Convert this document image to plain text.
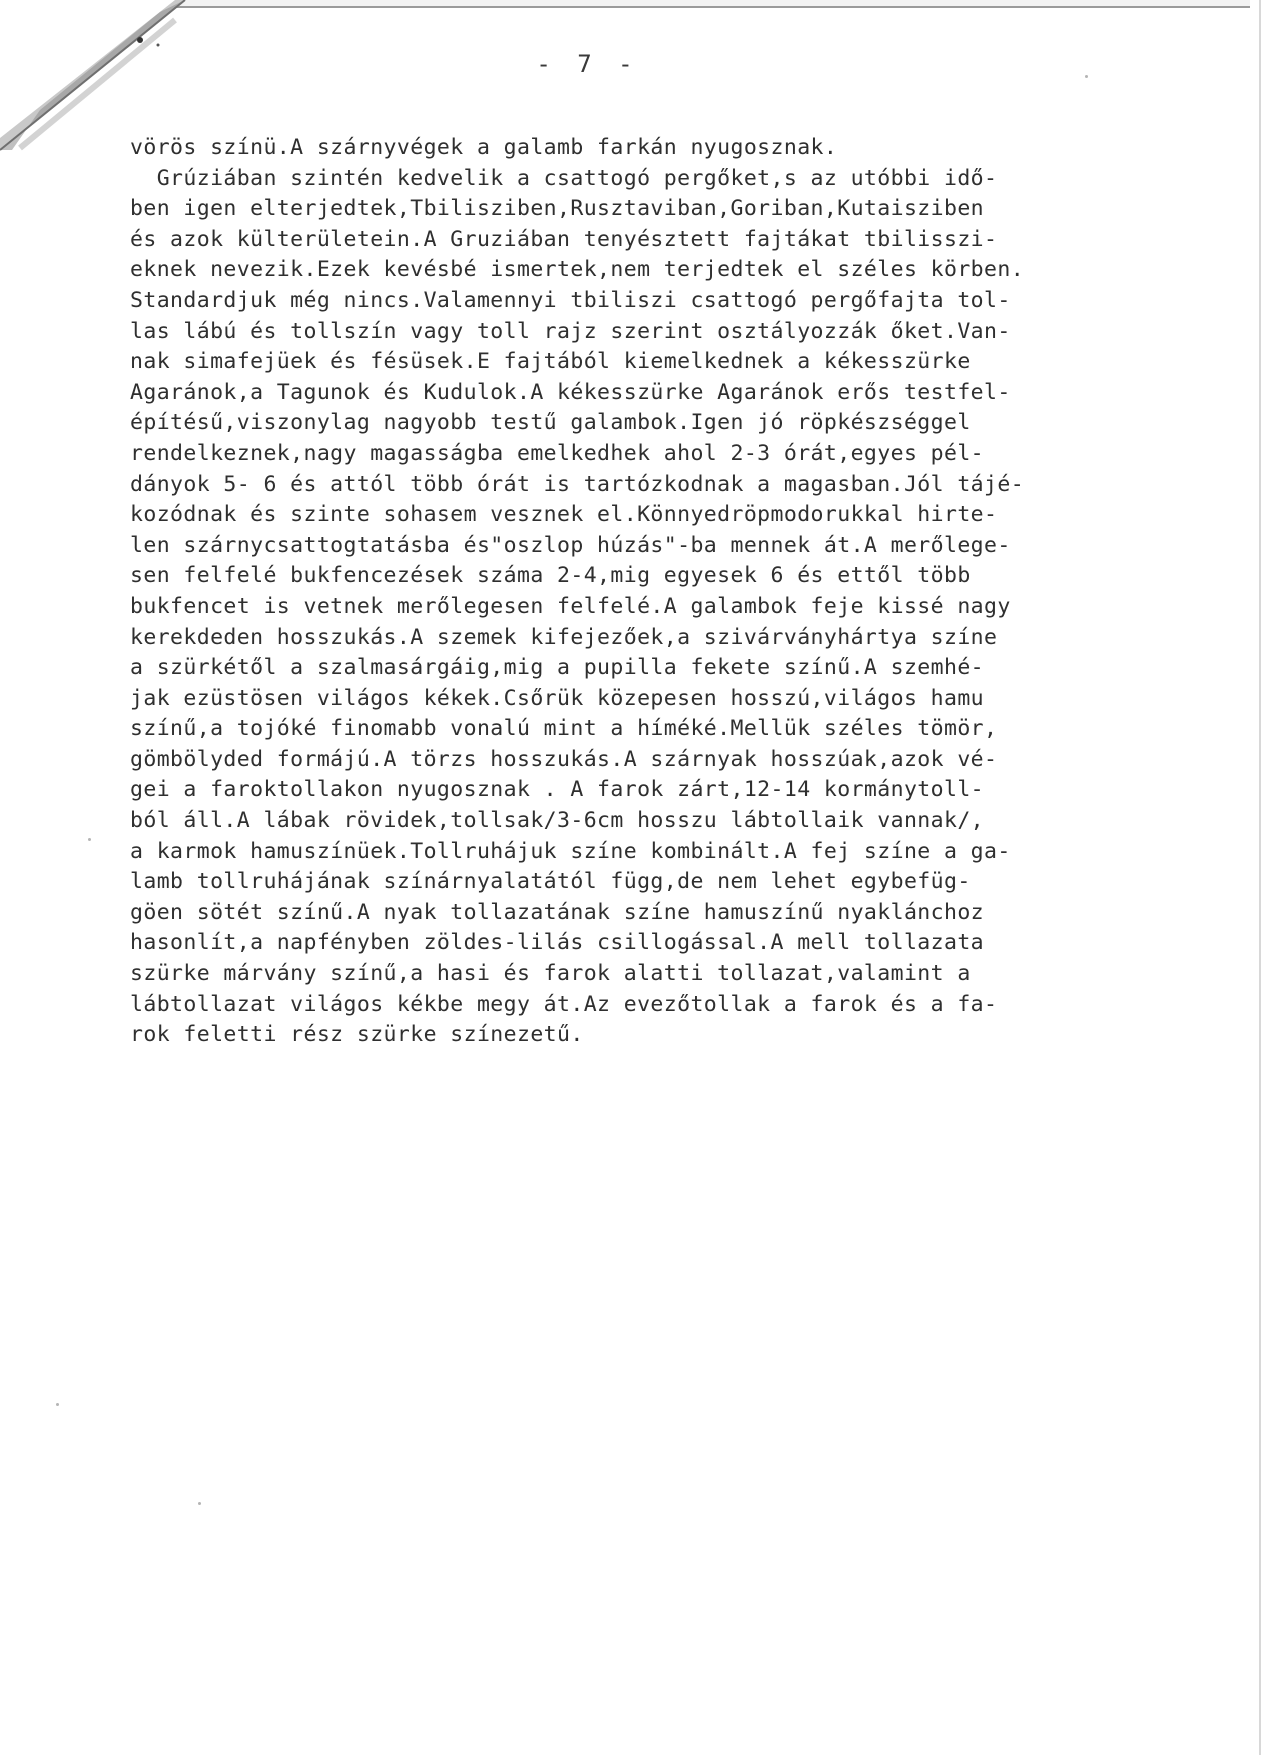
- 7 -
vörös színü.A szárnyvégek a galamb farkán nyugosznak.
Grúziában szintén kedvelik a csattogó pergőket,s az utóbbi idő-
ben igen elterjedtek,Tbilisziben,Rusztaviban,Goriban,Kutaisziben
és azok külterületein.A Gruziában tenyésztett fajtákat tbilisszi-
eknek nevezik.Ezek kevésbé ismertek,nem terjedtek el széles körben.
Standardjuk még nincs.Valamennyi tbiliszi csattogó pergőfajta tol-
las lábú és tollszín vagy toll rajz szerint osztályozzák őket.Van-
nak simafejüek és fésüsek.E fajtából kiemelkednek a kékesszürke
Agaránok,a Tagunok és Kudulok.A kékesszürke Agaránok erős testfel-
építésű,viszonylag nagyobb testű galambok.Igen jó röpkészséggel
rendelkeznek,nagy magasságba emelkedhek ahol 2-3 órát,egyes pél-
dányok 5- 6 és attól több órát is tartózkodnak a magasban.Jól tájé-
kozódnak és szinte sohasem vesznek el.Könnyedröpmodorukkal hirte-
len szárnycsattogtatásba és"oszlop húzás"-ba mennek át.A merőlege-
sen felfelé bukfencezések száma 2-4,mig egyesek 6 és ettől több
bukfencet is vetnek merőlegesen felfelé.A galambok feje kissé nagy
kerekdeden hosszukás.A szemek kifejezőek,a szivárványhártya színe
a szürkétől a szalmasárgáig,mig a pupilla fekete színű.A szemhé-
jak ezüstösen világos kékek.Csőrük közepesen hosszú,világos hamu
színű,a tojóké finomabb vonalú mint a híméké.Mellük széles tömör,
gömbölyded formájú.A törzs hosszukás.A szárnyak hosszúak,azok vé-
gei a faroktollakon nyugosznak . A farok zárt,12-14 kormánytoll-
ból áll.A lábak rövidek,tollsak/3-6cm hosszu lábtollaik vannak/,
a karmok hamuszínüek.Tollruhájuk színe kombinált.A fej színe a ga-
lamb tollruhájának színárnyalatától függ,de nem lehet egybefüg-
göen sötét színű.A nyak tollazatának színe hamuszínű nyaklánchoz
hasonlít,a napfényben zöldes-lilás csillogással.A mell tollazata
szürke márvány színű,a hasi és farok alatti tollazat,valamint a
lábtollazat világos kékbe megy át.Az evezőtollak a farok és a fa-
rok feletti rész szürke színezetű.
